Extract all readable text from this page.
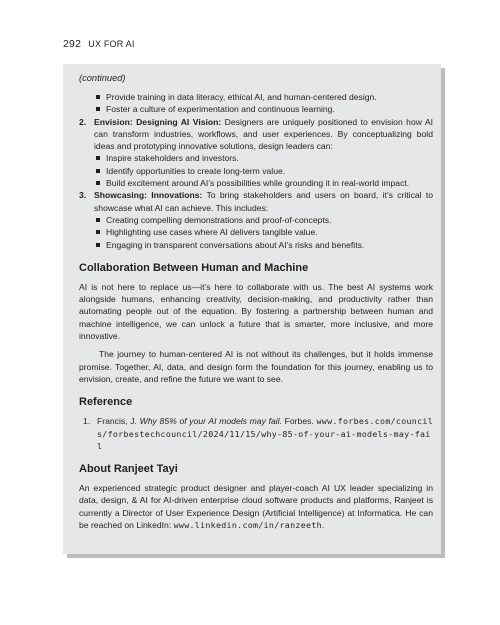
292 UX FOR AI
(continued)
Provide training in data literacy, ethical AI, and human-centered design.
Foster a culture of experimentation and continuous learning.
2. Envision: Designing AI Vision: Designers are uniquely positioned to envision how AI can transform industries, workflows, and user experiences. By conceptualizing bold ideas and prototyping innovative solutions, design leaders can:

Inspire stakeholders and investors.
Identify opportunities to create long-term value.
Build excitement around AI’s possibilities while grounding it in real-world impact.
3. Showcasing: Innovations: To bring stakeholders and users on board, it’s critical to showcase what AI can achieve. This includes:

Creating compelling demonstrations and proof-of-concepts.
Highlighting use cases where AI delivers tangible value.
Engaging in transparent conversations about AI’s risks and benefits.
Collaboration Between Human and Machine

AI is not here to replace us—it’s here to collaborate with us. The best AI systems work alongside humans, enhancing creativity, decision-making, and productivity rather than automating people out of the equation. By fostering a partnership between human and machine intelligence, we can unlock a future that is smarter, more inclusive, and more innovative.

The journey to human-centered AI is not without its challenges, but it holds immense promise. Together, AI, data, and design form the foundation for this journey, enabling us to envision, create, and refine the future we want to see.

Reference
1. Francis, J. Why 85% of your AI models may fail. Forbes. www.forbes.com/councils/forbestechcouncil/2024/11/15/why-85-of-your-ai-models-may-fail
About Ranjeet Tayi

An experienced strategic product designer and player-coach AI UX leader specializing in data, design, & AI for AI-driven enterprise cloud software products and platforms, Ranjeet is currently a Director of User Experience Design (Artificial Intelligence) at Informatica. He can be reached on LinkedIn: www.linkedin.com/in/ranzeeth.
